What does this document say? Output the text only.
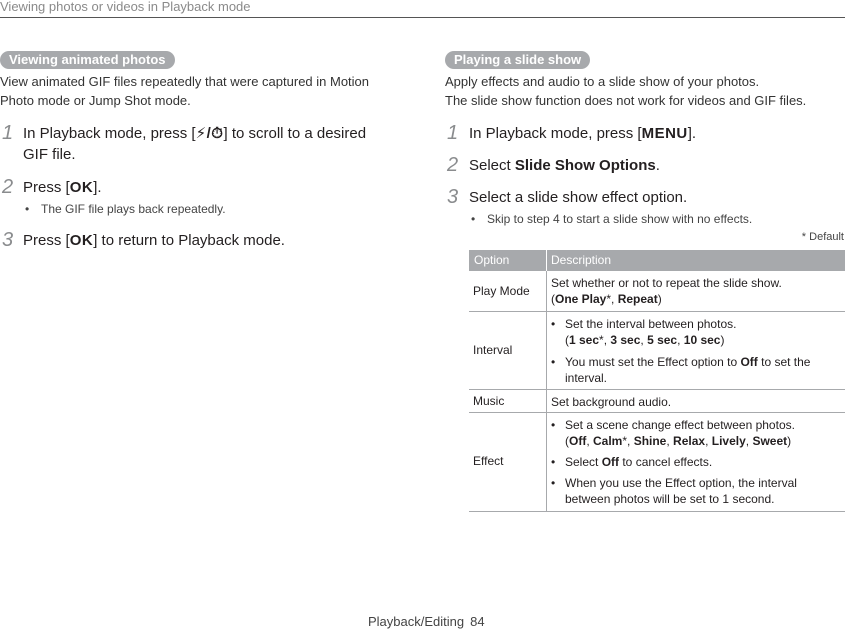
Viewing photos or videos in Playback mode
Viewing animated photos
View animated GIF files repeatedly that were captured in Motion
Photo mode or Jump Shot mode.
1 In Playback mode, press [⚡/⏱] to scroll to a desired
GIF file.
2 Press [OK].
• The GIF file plays back repeatedly.
3 Press [OK] to return to Playback mode.
Playing a slide show
Apply effects and audio to a slide show of your photos.
The slide show function does not work for videos and GIF files.
1 In Playback mode, press [MENU].
2 Select Slide Show Options.
3 Select a slide show effect option.
• Skip to step 4 to start a slide show with no effects.
* Default
Option	Description
Play Mode
Set whether or not to repeat the slide show.
(One Play*, Repeat)
Interval
• Set the interval between photos.
(1 sec*, 3 sec, 5 sec, 10 sec)
• You must set the Effect option to Off to set the
interval.
Music	Set background audio.
Effect
• Set a scene change effect between photos.
(Off, Calm*, Shine, Relax, Lively, Sweet)
• Select Off to cancel effects.
• When you use the Effect option, the interval
between photos will be set to 1 second.
Playback/Editing 84
